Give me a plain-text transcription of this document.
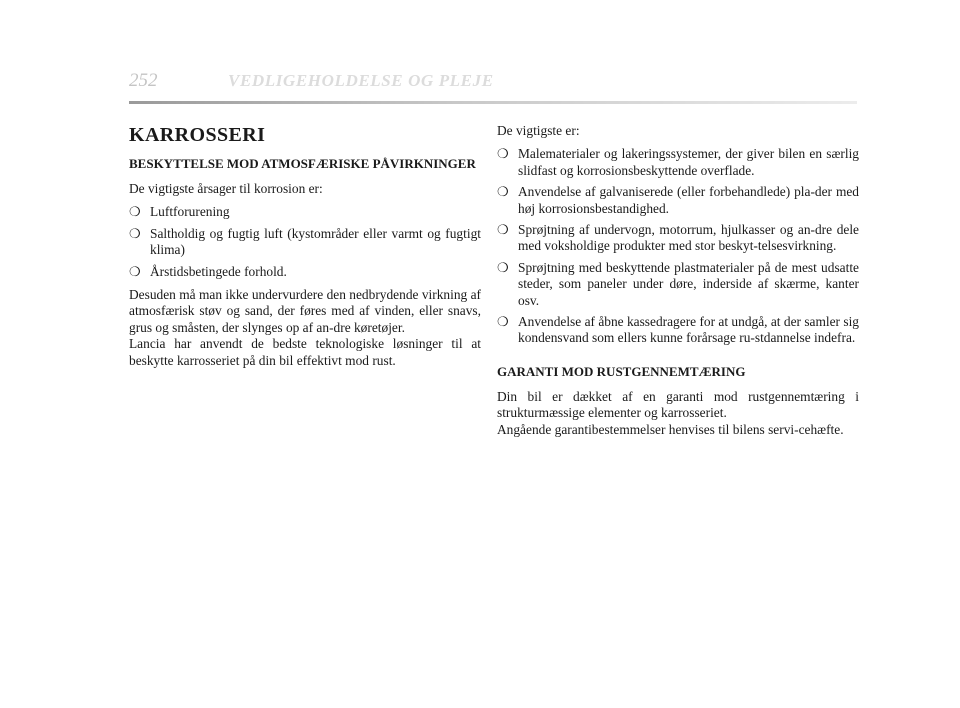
252	VEDLIGEHOLDELSE OG PLEJE
KARROSSERI
BESKYTTELSE MOD ATMOSFÆRISKE PÅVIRKNINGER

De vigtigste årsager til korrosion er:

❍ Luftforurening
❍ Saltholdig og fugtig luft (kystområder eller varmt og fugtigt klima)
❍ Årstidsbetingede forhold.

Desuden må man ikke undervurdere den nedbrydende virkning af atmosfærisk støv og sand, der føres med af vinden, eller snavs, grus og småsten, der slynges op af an-dre køretøjer.

Lancia har anvendt de bedste teknologiske løsninger til at beskytte karrosseriet på din bil effektivt mod rust.

De vigtigste er:

❍ Malematerialer og lakeringssystemer, der giver bilen en særlig slidfast og korrosionsbeskyttende overflade.
❍ Anvendelse af galvaniserede (eller forbehandlede) pla-der med høj korrosionsbestandighed.
❍ Sprøjtning af undervogn, motorrum, hjulkasser og an-dre dele med voksholdige produkter med stor beskyt-telsesvirkning.
❍ Sprøjtning med beskyttende plastmaterialer på de mest udsatte steder, som paneler under døre, inderside af skærme, kanter osv.
❍ Anvendelse af åbne kassedragere for at undgå, at der samler sig kondensvand som ellers kunne forårsage ru-stdannelse indefra.
GARANTI MOD RUSTGENNEMTÆRING

Din bil er dækket af en garanti mod rustgennemtæring i strukturmæssige elementer og karrosseriet.

Angående garantibestemmelser henvises til bilens servi-cehæfte.
